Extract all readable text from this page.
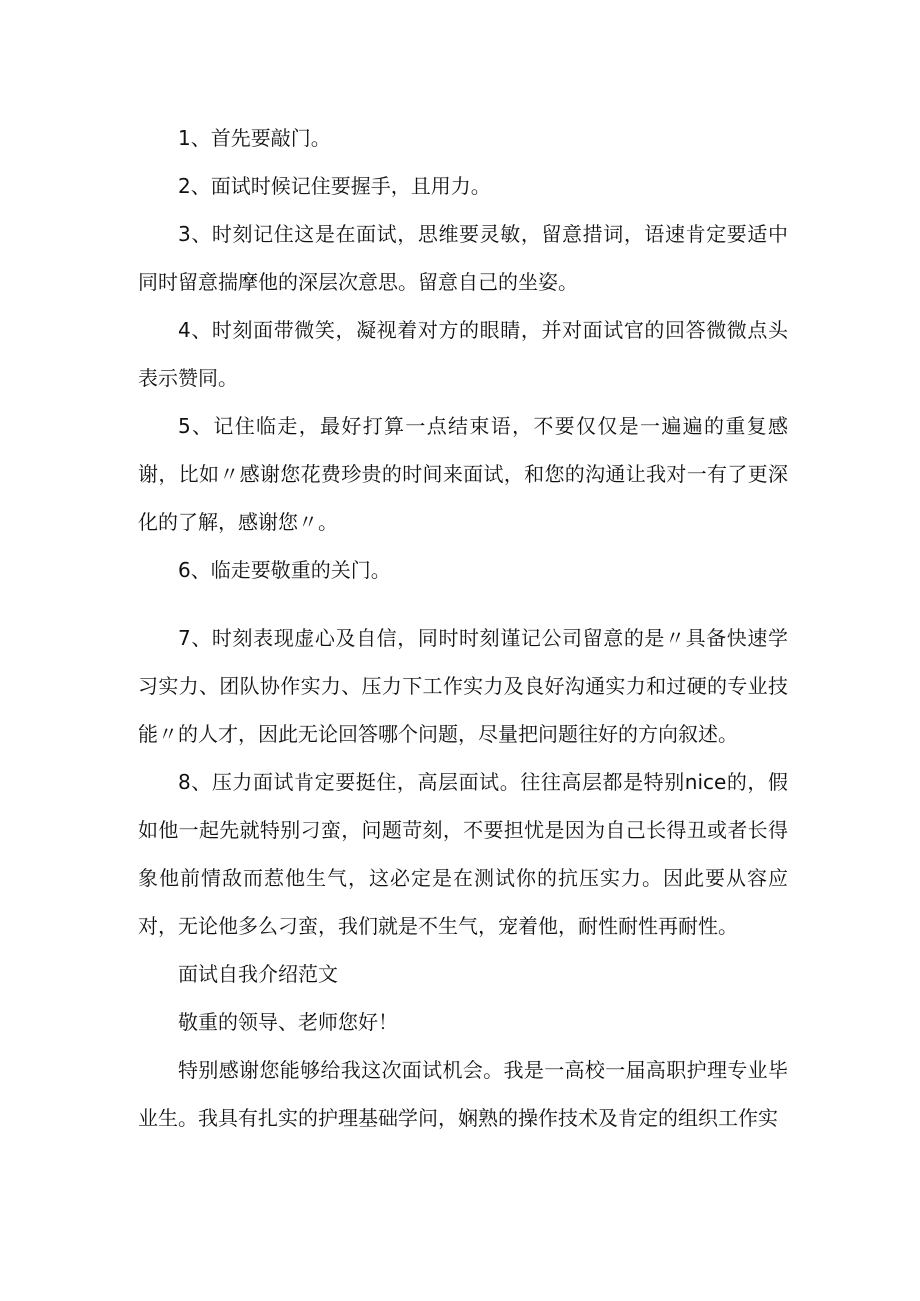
1、首先要敲门。

2、面试时候记住要握手，且用力。

3、时刻记住这是在面试，思维要灵敏，留意措词，语速肯定要适中同时留意揣摩他的深层次意思。留意自己的坐姿。

4、时刻面带微笑，凝视着对方的眼睛，并对面试官的回答微微点头表示赞同。

5、记住临走，最好打算一点结束语，不要仅仅是一遍遍的重复感谢，比如〃感谢您花费珍贵的时间来面试，和您的沟通让我对一有了更深化的了解，感谢您〃。

6、临走要敬重的关门。

7、时刻表现虚心及自信，同时时刻谨记公司留意的是〃具备快速学习实力、团队协作实力、压力下工作实力及良好沟通实力和过硬的专业技能〃的人才，因此无论回答哪个问题，尽量把问题往好的方向叙述。

8、压力面试肯定要挺住，高层面试。往往高层都是特别nice的，假如他一起先就特别刁蛮，问题苛刻，不要担忧是因为自己长得丑或者长得象他前情敌而惹他生气，这必定是在测试你的抗压实力。因此要从容应对，无论他多么刁蛮，我们就是不生气，宠着他，耐性耐性再耐性。

面试自我介绍范文

敬重的领导、老师您好！

特别感谢您能够给我这次面试机会。我是一高校一届高职护理专业毕业生。我具有扎实的护理基础学问，娴熟的操作技术及肯定的组织工作实
